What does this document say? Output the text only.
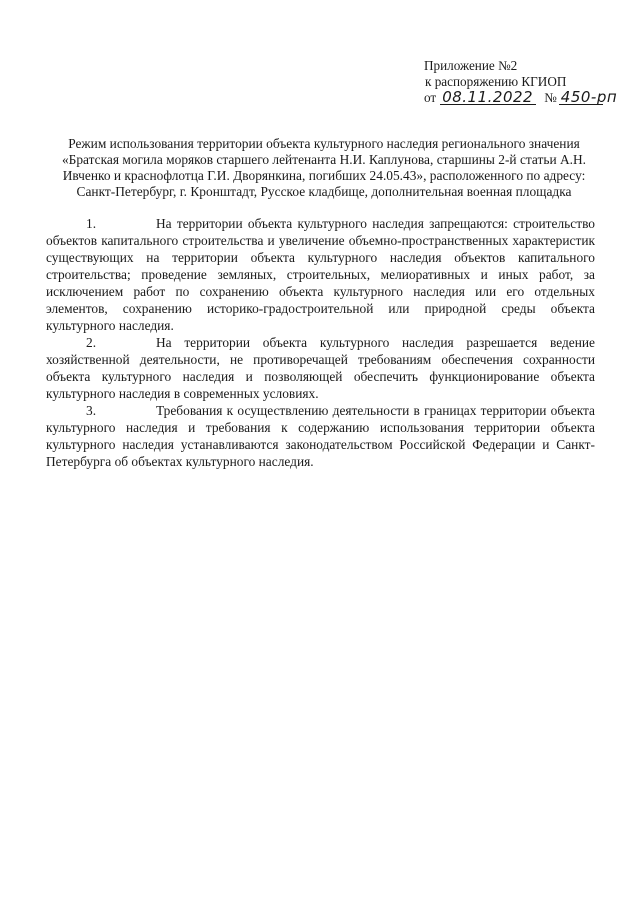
Приложение №2
к распоряжению КГИОП
от 08.11.2022 № 450-рп
Режим использования территории объекта культурного наследия регионального значения
«Братская могила моряков старшего лейтенанта Н.И. Каплунова, старшины 2-й статьи А.Н.
Ивченко и краснофлотца Г.И. Дворянкина, погибших 24.05.43», расположенного по адресу:
Санкт-Петербург, г. Кронштадт, Русское кладбище, дополнительная военная площадка

1.	На территории объекта культурного наследия запрещаются: строительство объектов капитального строительства и увеличение объемно-пространственных характеристик существующих на территории объекта культурного наследия объектов капитального строительства; проведение земляных, строительных, мелиоративных и иных работ, за исключением работ по сохранению объекта культурного наследия или его отдельных элементов, сохранению историко-градостроительной или природной среды объекта культурного наследия.

2.	На территории объекта культурного наследия разрешается ведение хозяйственной деятельности, не противоречащей требованиям обеспечения сохранности объекта культурного наследия и позволяющей обеспечить функционирование объекта культурного наследия в современных условиях.

3.	Требования к осуществлению деятельности в границах территории объекта культурного наследия и требования к содержанию использования территории объекта культурного наследия устанавливаются законодательством Российской Федерации и Санкт-Петербурга об объектах культурного наследия.
